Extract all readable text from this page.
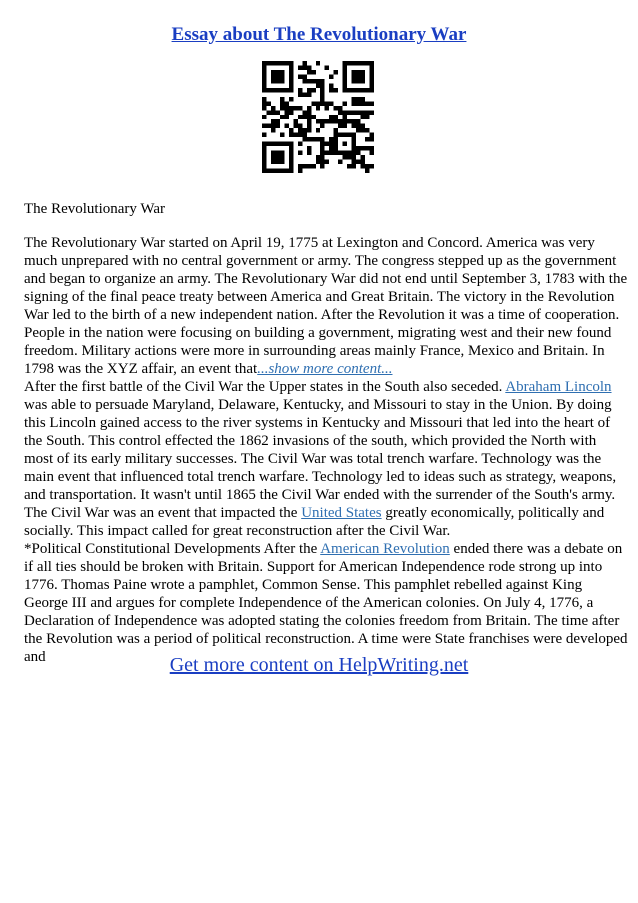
Essay about The Revolutionary War
The Revolutionary War
The Revolutionary War started on April 19, 1775 at Lexington and Concord. America was very
much unprepared with no central government or army. The congress stepped up as the government
and began to organize an army. The Revolutionary War did not end until September 3, 1783 with the
signing of the final peace treaty between America and Great Britain. The victory in the Revolution
War led to the birth of a new independent nation. After the Revolution it was a time of cooperation.
People in the nation were focusing on building a government, migrating west and their new found
freedom. Military actions were more in surrounding areas mainly France, Mexico and Britain. In
1798 was the XYZ affair, an event that...show more content...
After the first battle of the Civil War the Upper states in the South also seceded. Abraham Lincoln
was able to persuade Maryland, Delaware, Kentucky, and Missouri to stay in the Union. By doing
this Lincoln gained access to the river systems in Kentucky and Missouri that led into the heart of
the South. This control effected the 1862 invasions of the south, which provided the North with
most of its early military successes. The Civil War was total trench warfare. Technology was the
main event that influenced total trench warfare. Technology led to ideas such as strategy, weapons,
and transportation. It wasn't until 1865 the Civil War ended with the surrender of the South's army.
The Civil War was an event that impacted the United States greatly economically, politically and
socially. This impact called for great reconstruction after the Civil War.
*Political Constitutional Developments After the American Revolution ended there was a debate on
if all ties should be broken with Britain. Support for American Independence rode strong up into
1776. Thomas Paine wrote a pamphlet, Common Sense. This pamphlet rebelled against King
George III and argues for complete Independence of the American colonies. On July 4, 1776, a
Declaration of Independence was adopted stating the colonies freedom from Britain. The time after
the Revolution was a period of political reconstruction. A time were State franchises were developed
and	Get more content on HelpWriting.net
